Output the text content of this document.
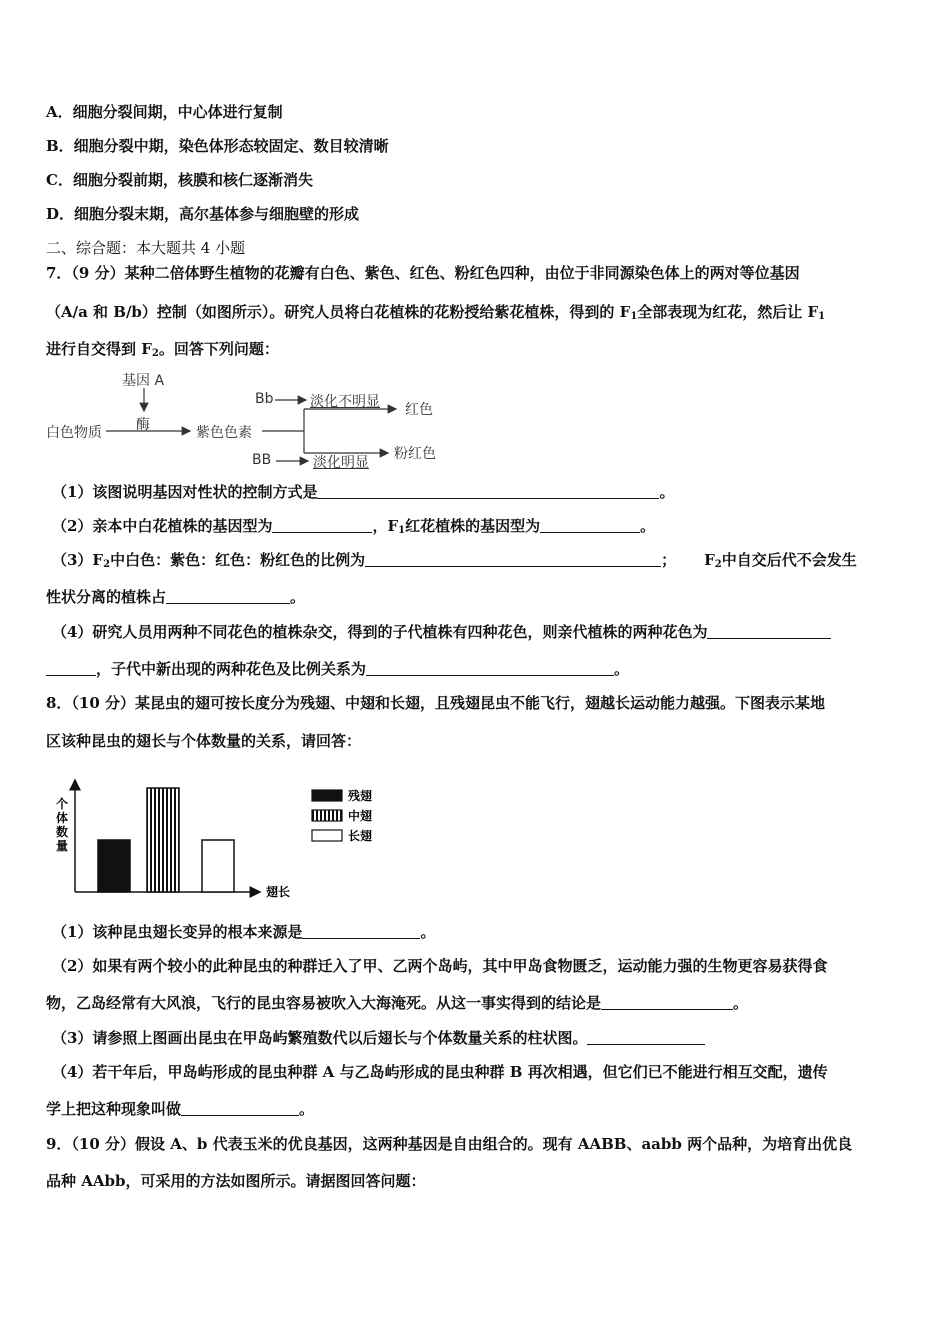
A．细胞分裂间期，中心体进行复制
B．细胞分裂中期，染色体形态较固定、数目较清晰
C．细胞分裂前期，核膜和核仁逐渐消失
D．细胞分裂末期，高尔基体参与细胞壁的形成
二、综合题：本大题共 4 小题
7．（9 分）某种二倍体野生植物的花瓣有白色、紫色、红色、粉红色四种，由位于非同源染色体上的两对等位基因
（A/a 和 B/b）控制（如图所示）。研究人员将白花植株的花粉授给紫花植株，得到的 $F_1$全部表现为红花，然后让 $F_1$
进行自交得到 $F_2$。回答下列问题：
基因 A
酶
白色物质	紫色色素
Bb	淡化不明显 红色
粉红色
BB	淡化明显
（1）该图说明基因对性状的控制方式是	。
（2）亲本中白花植株的基因型为	，$F_1$红花植株的基因型为	。
$(3)F_2$中白色：紫色：红色：粉红色的比例为	； $F_2$中自交后代不会发生
性状分离的植株占	。
（4）研究人员用两种不同花色的植株杂交，得到的子代植株有四种花色，则亲代植株的两种花色为
，子代中新出现的两种花色及比例关系为	。
8．（10 分）某昆虫的翅可按长度分为残翅、中翅和长翅，且残翅昆虫不能飞行，翅越长运动能力越强。下图表示某地
区该种昆虫的翅长与个体数量的关系，请回答：
个
体
数
量
翅长
残翅
中翅
长翅
（1）该种昆虫翅长变异的根本来源是	。
（2）如果有两个较小的此种昆虫的种群迁入了甲、乙两个岛屿，其中甲岛食物匮乏，运动能力强的生物更容易获得食
物，乙岛经常有大风浪，飞行的昆虫容易被吹入大海淹死。从这一事实得到的结论是	。
（3）请参照上图画出昆虫在甲岛屿繁殖数代以后翅长与个体数量关系的柱状图。
（4）若干年后，甲岛屿形成的昆虫种群 A 与乙岛屿形成的昆虫种群 B 再次相遇，但它们已不能进行相互交配，遗传
学上把这种现象叫做	。
9．（10 分）假设 A、b 代表玉米的优良基因，这两种基因是自由组合的。现有 AABB、aabb 两个品种，为培育出优良
品种 AAbb，可采用的方法如图所示。请据图回答问题：
